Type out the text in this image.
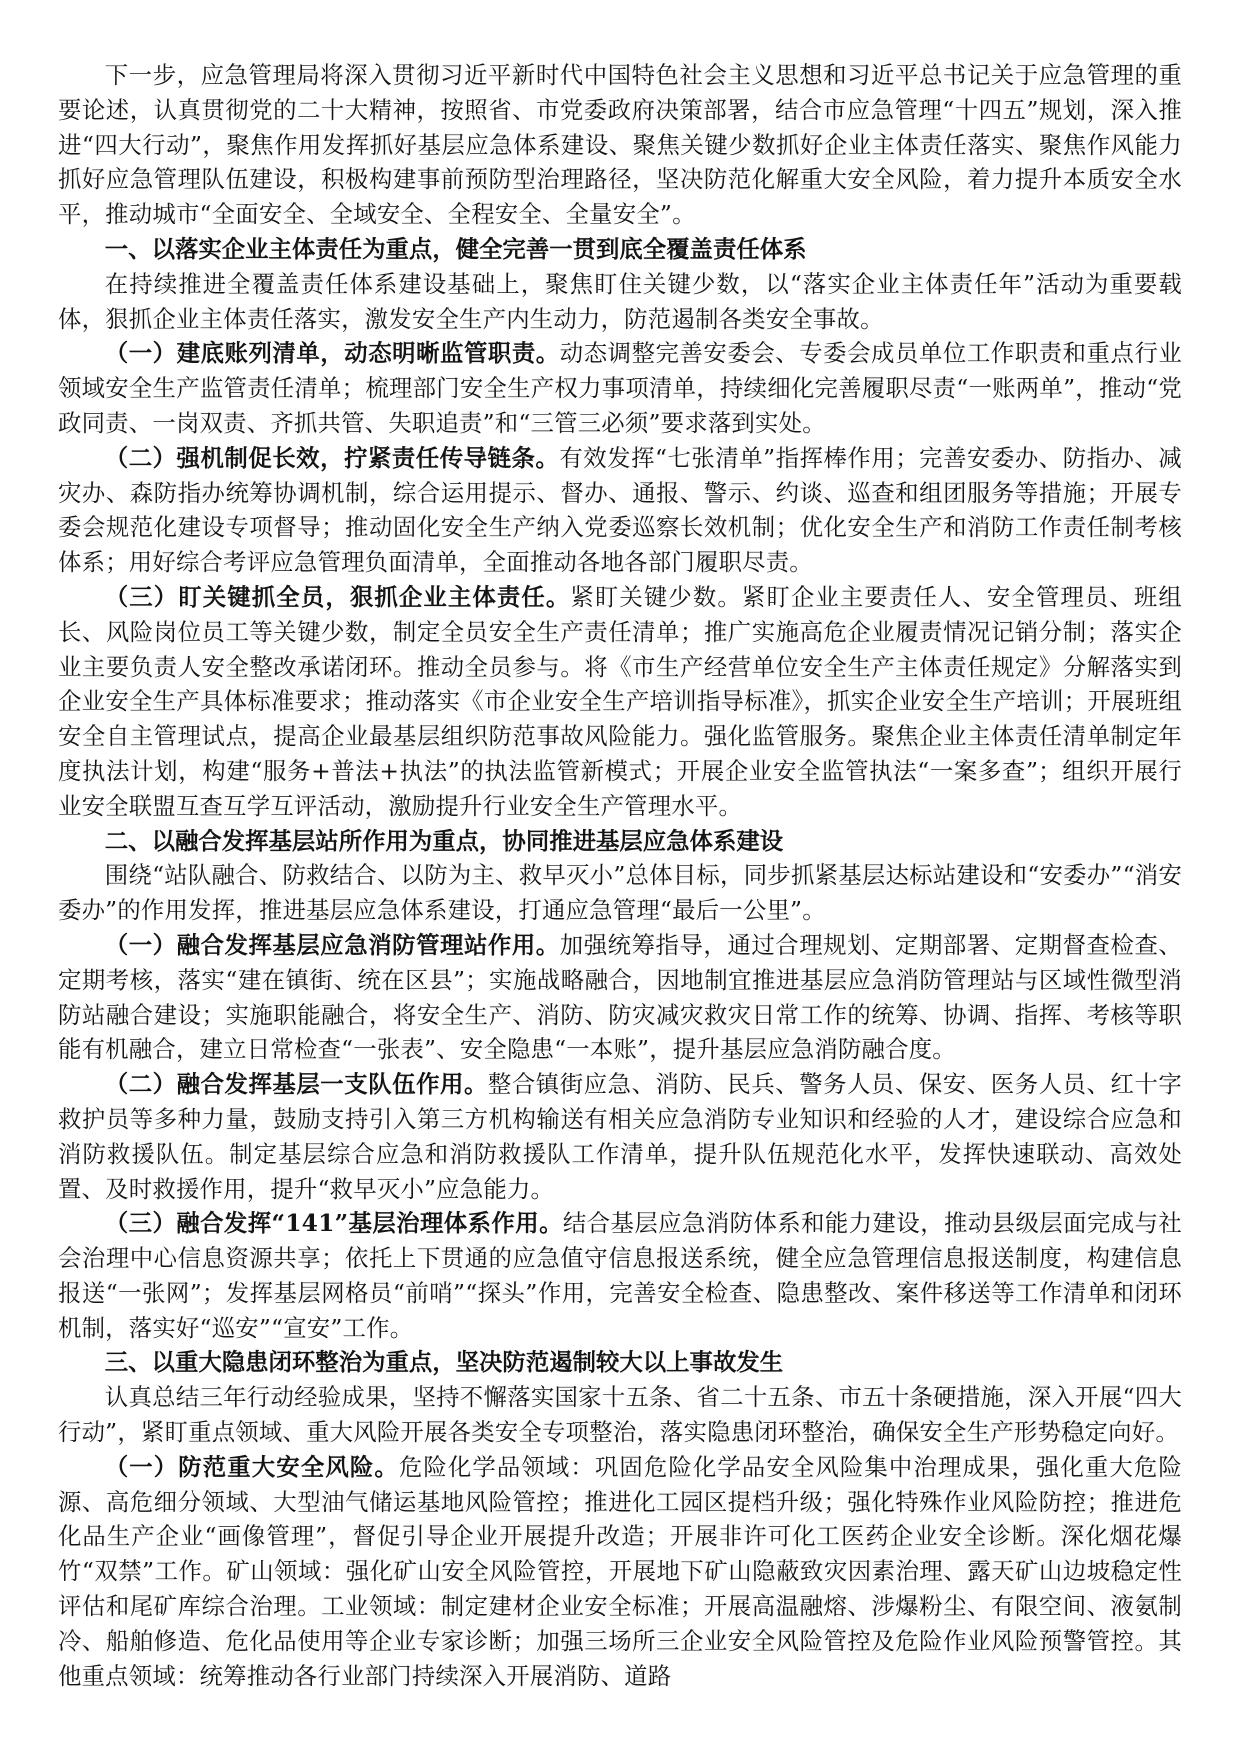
下一步，应急管理局将深入贯彻习近平新时代中国特色社会主义思想和习近平总书记关于应急管理的重要论述，认真贯彻党的二十大精神，按照省、市党委政府决策部署，结合市应急管理“十四五”规划，深入推进“四大行动”，聚焦作用发挥抓好基层应急体系建设、聚焦关键少数抓好企业主体责任落实、聚焦作风能力抓好应急管理队伍建设，积极构建事前预防型治理路径，坚决防范化解重大安全风险，着力提升本质安全水平，推动城市“全面安全、全域安全、全程安全、全量安全”。

一、以落实企业主体责任为重点，健全完善一贯到底全覆盖责任体系

在持续推进全覆盖责任体系建设基础上，聚焦盯住关键少数，以“落实企业主体责任年”活动为重要载体，狠抓企业主体责任落实，激发安全生产内生动力，防范遏制各类安全事故。

（一）建底账列清单，动态明晰监管职责。动态调整完善安委会、专委会成员单位工作职责和重点行业领域安全生产监管责任清单；梳理部门安全生产权力事项清单，持续细化完善履职尽责“一账两单”，推动“党政同责、一岗双责、齐抓共管、失职追责”和“三管三必须”要求落到实处。

（二）强机制促长效，拧紧责任传导链条。有效发挥“七张清单”指挥棒作用；完善安委办、防指办、减灾办、森防指办统筹协调机制，综合运用提示、督办、通报、警示、约谈、巡查和组团服务等措施；开展专委会规范化建设专项督导；推动固化安全生产纳入党委巡察长效机制；优化安全生产和消防工作责任制考核体系；用好综合考评应急管理负面清单，全面推动各地各部门履职尽责。

（三）盯关键抓全员，狠抓企业主体责任。紧盯关键少数。紧盯企业主要责任人、安全管理员、班组长、风险岗位员工等关键少数，制定全员安全生产责任清单；推广实施高危企业履责情况记销分制；落实企业主要负责人安全整改承诺闭环。推动全员参与。将《市生产经营单位安全生产主体责任规定》分解落实到企业安全生产具体标准要求；推动落实《市企业安全生产培训指导标准》，抓实企业安全生产培训；开展班组安全自主管理试点，提高企业最基层组织防范事故风险能力。强化监管服务。聚焦企业主体责任清单制定年度执法计划，构建“服务+普法+执法”的执法监管新模式；开展企业安全监管执法“一案多查”；组织开展行业安全联盟互查互学互评活动，激励提升行业安全生产管理水平。

二、以融合发挥基层站所作用为重点，协同推进基层应急体系建设

围绕“站队融合、防救结合、以防为主、救早灭小”总体目标，同步抓紧基层达标站建设和“安委办”“消安委办”的作用发挥，推进基层应急体系建设，打通应急管理“最后一公里”。

（一）融合发挥基层应急消防管理站作用。加强统筹指导，通过合理规划、定期部署、定期督查检查、定期考核，落实“建在镇街、统在区县”；实施战略融合，因地制宜推进基层应急消防管理站与区域性微型消防站融合建设；实施职能融合，将安全生产、消防、防灾减灾救灾日常工作的统筹、协调、指挥、考核等职能有机融合，建立日常检查“一张表”、安全隐患“一本账”，提升基层应急消防融合度。

（二）融合发挥基层一支队伍作用。整合镇街应急、消防、民兵、警务人员、保安、医务人员、红十字救护员等多种力量，鼓励支持引入第三方机构输送有相关应急消防专业知识和经验的人才，建设综合应急和消防救援队伍。制定基层综合应急和消防救援队工作清单，提升队伍规范化水平，发挥快速联动、高效处置、及时救援作用，提升“救早灭小”应急能力。

（三）融合发挥“141”基层治理体系作用。结合基层应急消防体系和能力建设，推动县级层面完成与社会治理中心信息资源共享；依托上下贯通的应急值守信息报送系统，健全应急管理信息报送制度，构建信息报送“一张网”；发挥基层网格员“前哨”“探头”作用，完善安全检查、隐患整改、案件移送等工作清单和闭环机制，落实好“巡安”“宣安”工作。

三、以重大隐患闭环整治为重点，坚决防范遏制较大以上事故发生

认真总结三年行动经验成果，坚持不懈落实国家十五条、省二十五条、市五十条硬措施，深入开展“四大行动”，紧盯重点领域、重大风险开展各类安全专项整治，落实隐患闭环整治，确保安全生产形势稳定向好。

（一）防范重大安全风险。危险化学品领域：巩固危险化学品安全风险集中治理成果，强化重大危险源、高危细分领域、大型油气储运基地风险管控；推进化工园区提档升级；强化特殊作业风险防控；推进危化品生产企业“画像管理”，督促引导企业开展提升改造；开展非许可化工医药企业安全诊断。深化烟花爆竹“双禁”工作。矿山领域：强化矿山安全风险管控，开展地下矿山隐蔽致灾因素治理、露天矿山边坡稳定性评估和尾矿库综合治理。工业领域：制定建材企业安全标准；开展高温融熔、涉爆粉尘、有限空间、液氨制冷、船舶修造、危化品使用等企业专家诊断；加强三场所三企业安全风险管控及危险作业风险预警管控。其他重点领域：统筹推动各行业部门持续深入开展消防、道路
